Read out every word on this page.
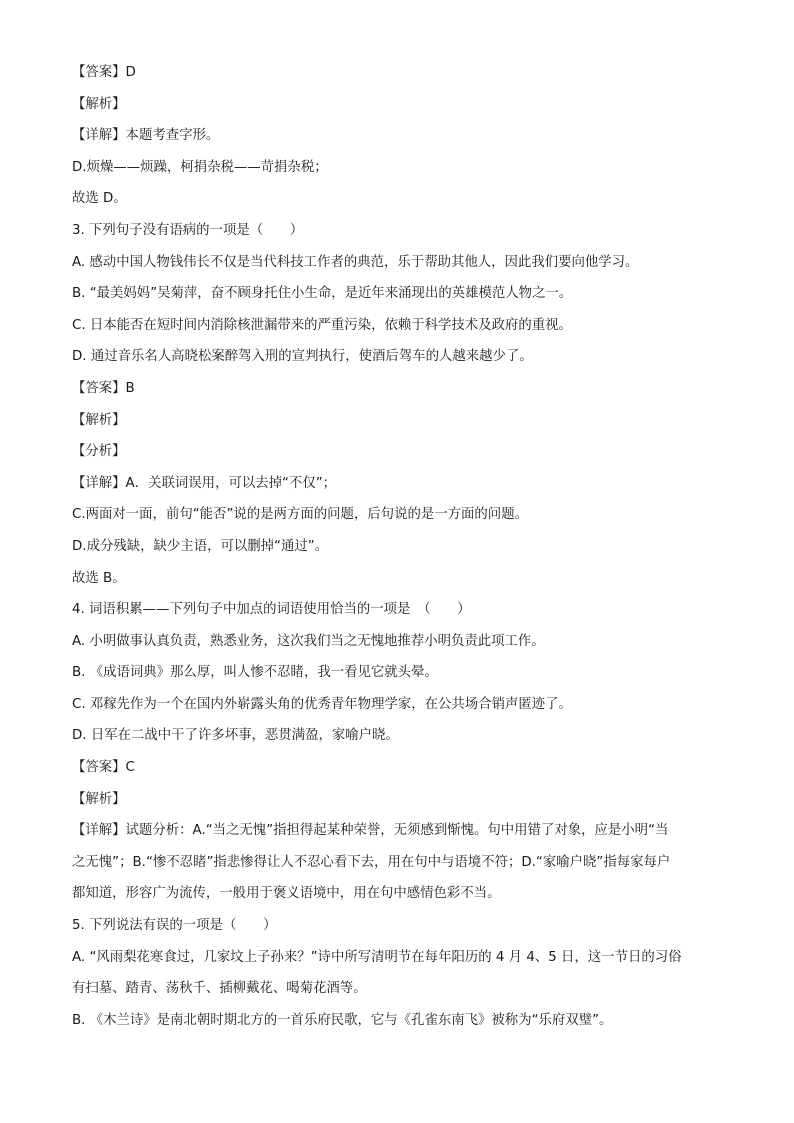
【答案】D

【解析】

【详解】本题考查字形。

D.烦燥——烦躁，柯捐杂税——苛捐杂税；

故选 D。

3. 下列句子没有语病的一项是（　　）

A. 感动中国人物钱伟长不仅是当代科技工作者的典范，乐于帮助其他人，因此我们要向他学习。

B. “最美妈妈”吴菊萍，奋不顾身托住小生命，是近年来涌现出的英雄模范人物之一。

C. 日本能否在短时间内消除核泄漏带来的严重污染，依赖于科学技术及政府的重视。

D. 通过音乐名人高晓松案醉驾入刑的宣判执行，使酒后驾车的人越来越少了。

【答案】B

【解析】

【分析】

【详解】A．关联词误用，可以去掉“不仅”；

C.两面对一面，前句“能否”说的是两方面的问题，后句说的是一方面的问题。

D.成分残缺，缺少主语，可以删掉“通过”。

故选 B。

4. 词语积累——下列句子中加点的词语使用恰当的一项是　（　　）

A. 小明做事认真负责，熟悉业务，这次我们当之无愧地推荐小明负责此项工作。

B. 《成语词典》那么厚，叫人惨不忍睹，我一看见它就头晕。

C. 邓稼先作为一个在国内外崭露头角的优秀青年物理学家，在公共场合销声匿迹了。

D. 日军在二战中干了许多坏事，恶贯满盈，家喻户晓。

【答案】C

【解析】

【详解】试题分析：A.“当之无愧”指担得起某种荣誉，无须感到惭愧。句中用错了对象，应是小明“当

之无愧”；B.“惨不忍睹”指悲惨得让人不忍心看下去，用在句中与语境不符；D.“家喻户晓”指每家每户

都知道，形容广为流传，一般用于褒义语境中，用在句中感情色彩不当。

5. 下列说法有误的一项是（　　）

A. “风雨梨花寒食过，几家坟上子孙来？”诗中所写清明节在每年阳历的 4 月 4、5 日，这一节日的习俗

有扫墓、踏青、荡秋千、插柳戴花、喝菊花酒等。

B. 《木兰诗》是南北朝时期北方的一首乐府民歌，它与《孔雀东南飞》被称为“乐府双璧”。
